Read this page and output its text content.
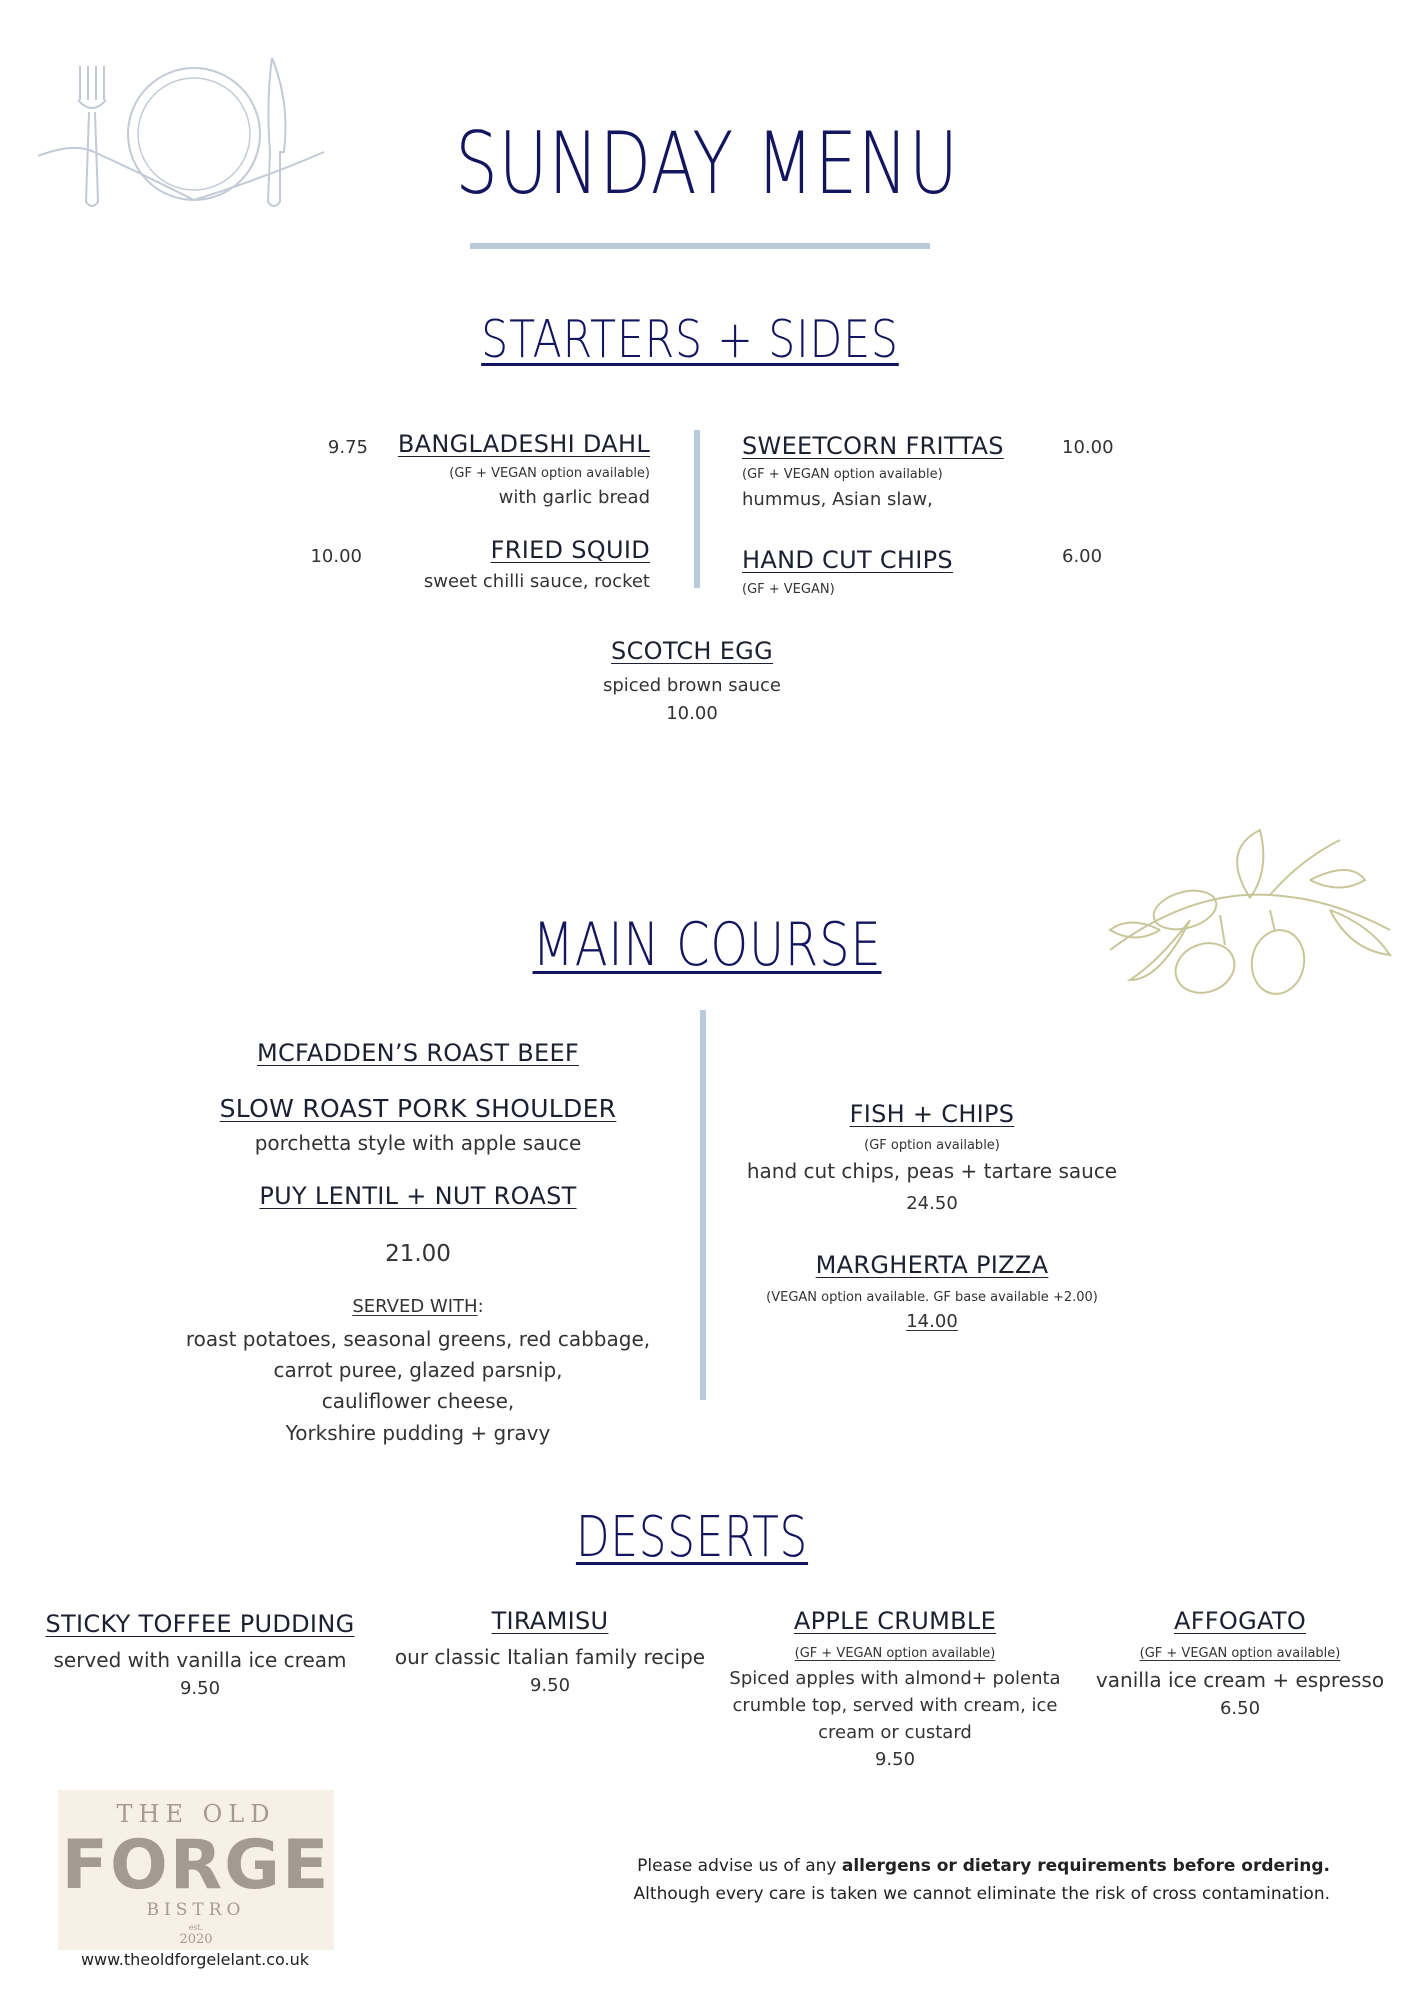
SUNDAY MENU
STARTERS + SIDES
9.75	BANGLADESHI DAHL
(GF + VEGAN option available)
with garlic bread
10.00	FRIED SQUID
sweet chilli sauce, rocket
SWEETCORN FRITTAS
(GF + VEGAN option available)
hummus, Asian slaw,
10.00
HAND CUT CHIPS
(GF + VEGAN)
6.00
SCOTCH EGG
spiced brown sauce
10.00
MAIN COURSE
MCFADDEN’S ROAST BEEF
SLOW ROAST PORK SHOULDER
porchetta style with apple sauce
PUY LENTIL + NUT ROAST
21.00
SERVED WITH:
roast potatoes, seasonal greens, red cabbage,
carrot puree, glazed parsnip,
cauliflower cheese,
Yorkshire pudding + gravy
FISH + CHIPS
(GF option available)
hand cut chips, peas + tartare sauce
24.50
MARGHERTA PIZZA
(VEGAN option available. GF base available +2.00)
14.00
DESSERTS
STICKY TOFFEE PUDDING
served with vanilla ice cream
9.50
TIRAMISU
our classic Italian family recipe
9.50
APPLE CRUMBLE
(GF + VEGAN option available)
Spiced apples with almond+ polenta
crumble top, served with cream, ice
cream or custard
9.50
AFFOGATO
(GF + VEGAN option available)
vanilla ice cream + espresso
6.50
THE OLD
FORGE
BISTRO
est.
2020
www.theoldforgelelant.co.uk
Please advise us of any allergens or dietary requirements before ordering.
Although every care is taken we cannot eliminate the risk of cross contamination.
